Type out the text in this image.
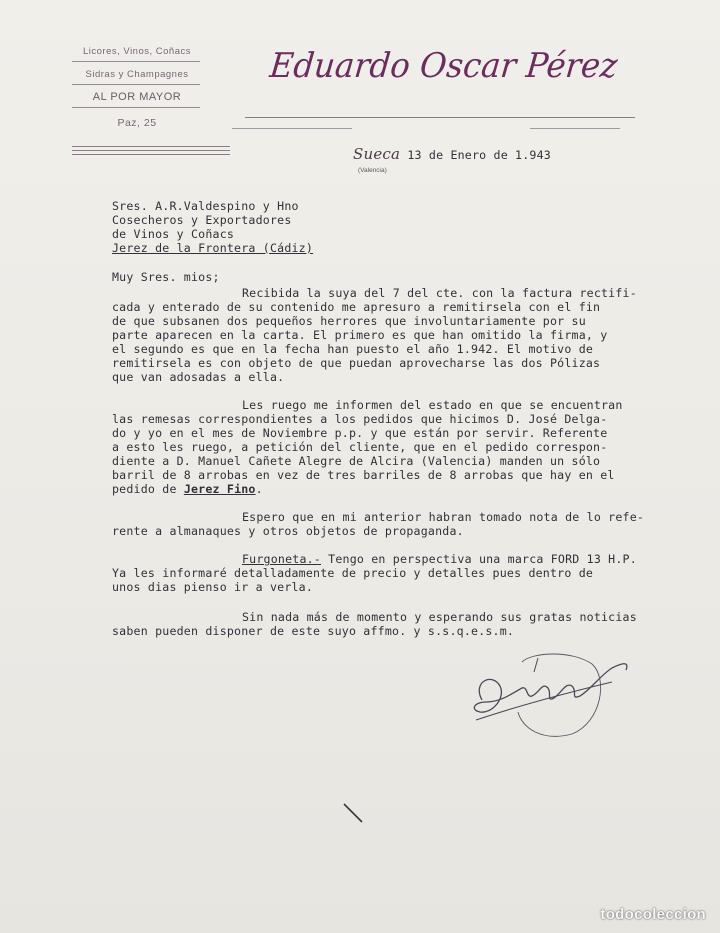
Licores, Vinos, Coñacs
Sidras y Champagnes
AL POR MAYOR
Paz, 25
Eduardo Oscar Pérez
Sueca 13 de Enero de 1.943
(Valencia)
Sres. A.R.Valdespino y Hno
Cosecheros y Exportadores
de Vinos y Coñacs
Jerez de la Frontera (Cádiz)
Muy Sres. mios;
Recibida la suya del 7 del cte. con la factura rectifi-
cada y enterado de su contenido me apresuro a remitirsela con el fin
de que subsanen dos pequeños herrores que involuntariamente por su
parte aparecen en la carta. El primero es que han omitido la firma, y
el segundo es que en la fecha han puesto el año 1.942. El motivo de
remitirsela es con objeto de que puedan aprovecharse las dos Pólizas
que van adosadas a ella.
Les ruego me informen del estado en que se encuentran
las remesas correspondientes a los pedidos que hicimos D. José Delga-
do y yo en el mes de Noviembre p.p. y que están por servir. Referente
a esto les ruego, a petición del cliente, que en el pedido correspon-
diente a D. Manuel Cañete Alegre de Alcira (Valencia) manden un sólo
barril de 8 arrobas en vez de tres barriles de 8 arrobas que hay en el
pedido de Jerez Fino.
Espero que en mi anterior habran tomado nota de lo refe-
rente a almanaques y otros objetos de propaganda.
Furgoneta.- Tengo en perspectiva una marca FORD 13 H.P.
Ya les informaré detalladamente de precio y detalles pues dentro de
unos dias pienso ir a verla.
Sin nada más de momento y esperando sus gratas noticias
saben pueden disponer de este suyo affmo. y s.s.q.e.s.m.
todocoleccion
